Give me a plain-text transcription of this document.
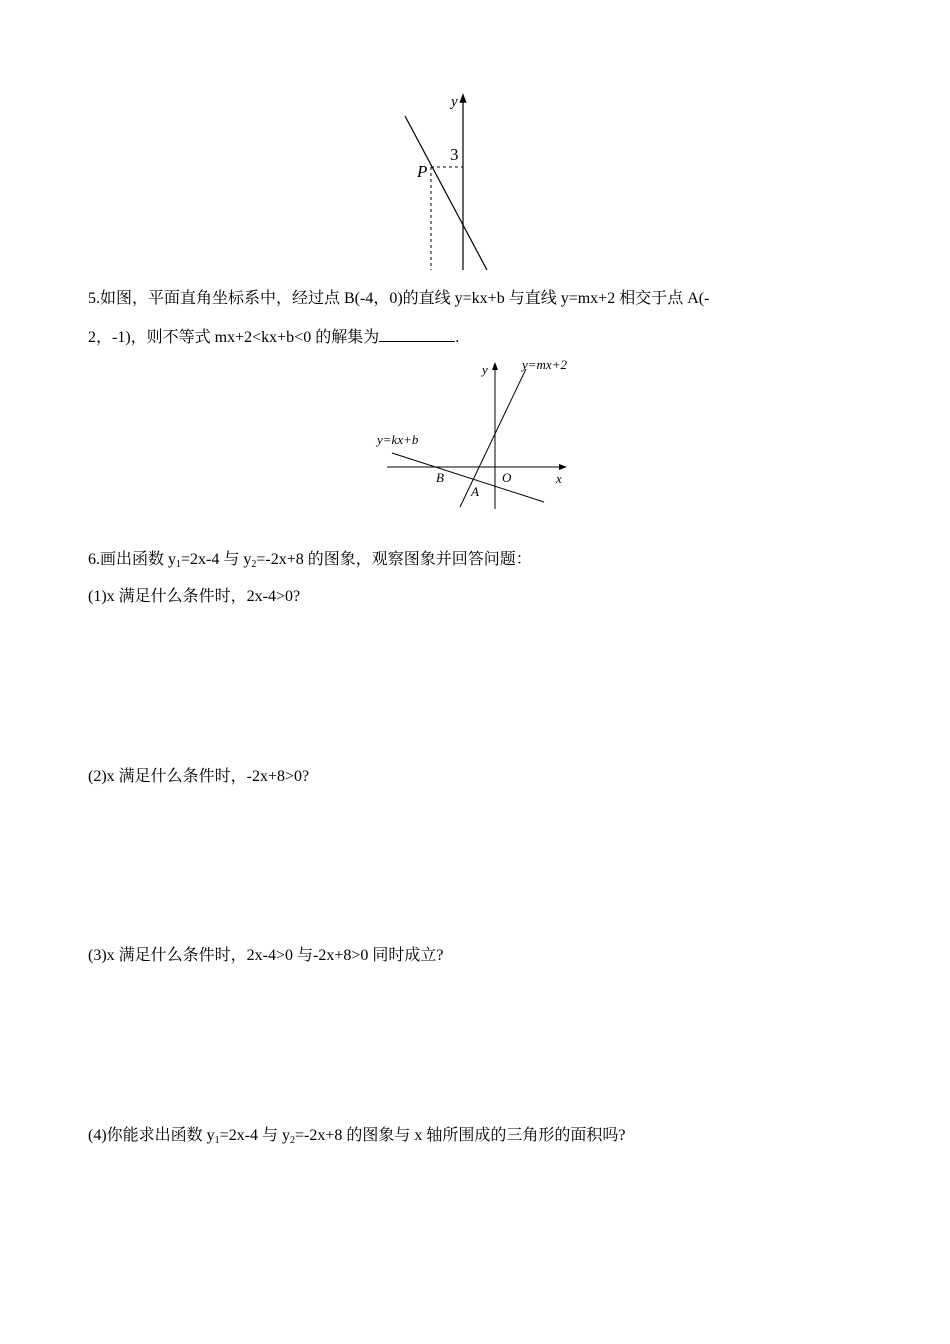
y
P
3
5.如图，平面直角坐标系中，经过点 B(-4，0)的直线 y=kx+b 与直线 y=mx+2 相交于点 A(-
2，-1)，则不等式 mx+2<kx+b<0 的解集为	.
y
x
O
B
A
y=kx+b
y=mx+2
6.画出函数 $y_1=2x-4$ 与 $y_2=-2x+8$ 的图象，观察图象并回答问题：
(1)x 满足什么条件时，2x-4>0?
(2)x 满足什么条件时，-2x+8>0?
(3)x 满足什么条件时，2x-4>0 与-2x+8>0 同时成立?
(4)你能求出函数 $y_1=2x-4$ 与 $y_2=-2x+8$ 的图象与 x 轴所围成的三角形的面积吗?
